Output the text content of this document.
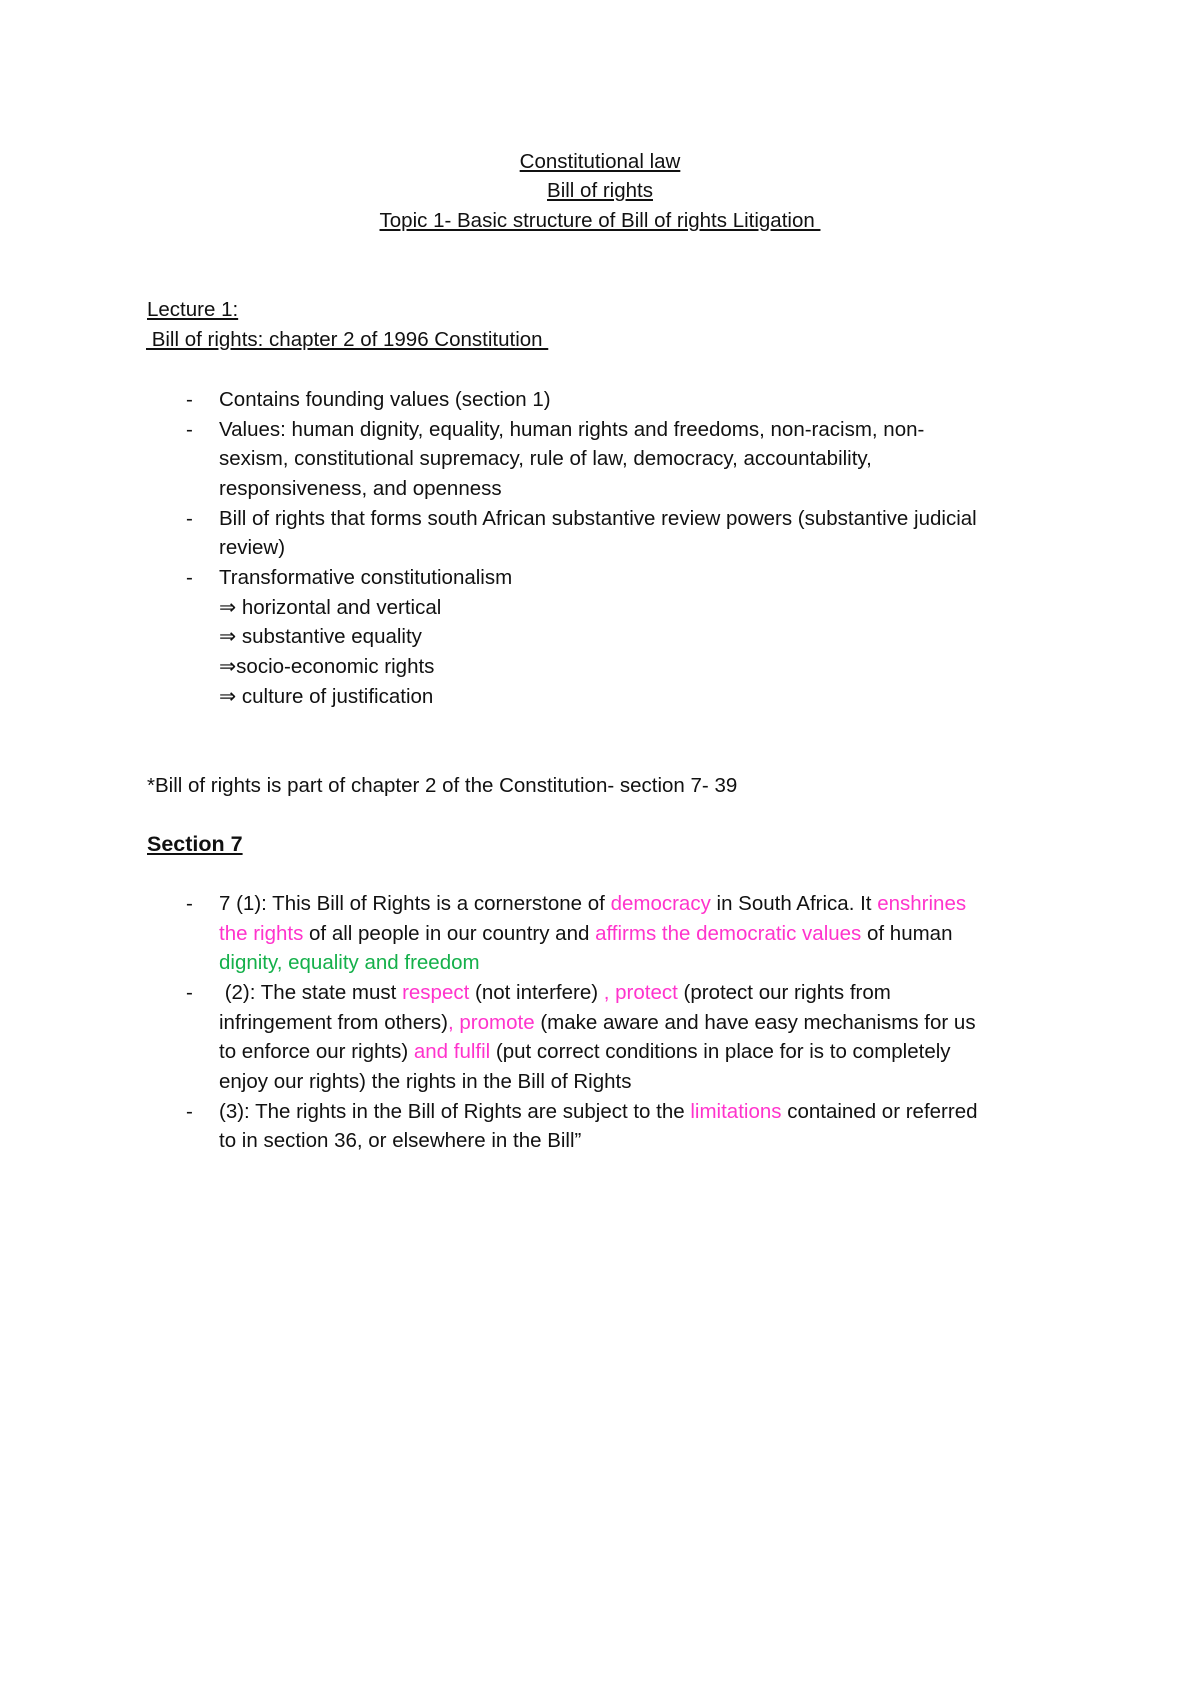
Constitutional law
Bill of rights
Topic 1- Basic structure of Bill of rights Litigation
Lecture 1:
Bill of rights: chapter 2 of 1996 Constitution
- Contains founding values (section 1)
- Values: human dignity, equality, human rights and freedoms, non-racism, non-
sexism, constitutional supremacy, rule of law, democracy, accountability,
responsiveness, and openness
- Bill of rights that forms south African substantive review powers (substantive judicial
review)
- Transformative constitutionalism
⇒ horizontal and vertical
⇒ substantive equality
⇒socio-economic rights
⇒ culture of justification
*Bill of rights is part of chapter 2 of the Constitution- section 7- 39
Section 7
- 7 (1): This Bill of Rights is a cornerstone of democracy in South Africa. It enshrines
the rights of all people in our country and affirms the democratic values of human
dignity, equality and freedom
- (2): The state must respect (not interfere) , protect (protect our rights from
infringement from others), promote (make aware and have easy mechanisms for us
to enforce our rights) and fulfil (put correct conditions in place for is to completely
enjoy our rights) the rights in the Bill of Rights
- (3): The rights in the Bill of Rights are subject to the limitations contained or referred
to in section 36, or elsewhere in the Bill”
